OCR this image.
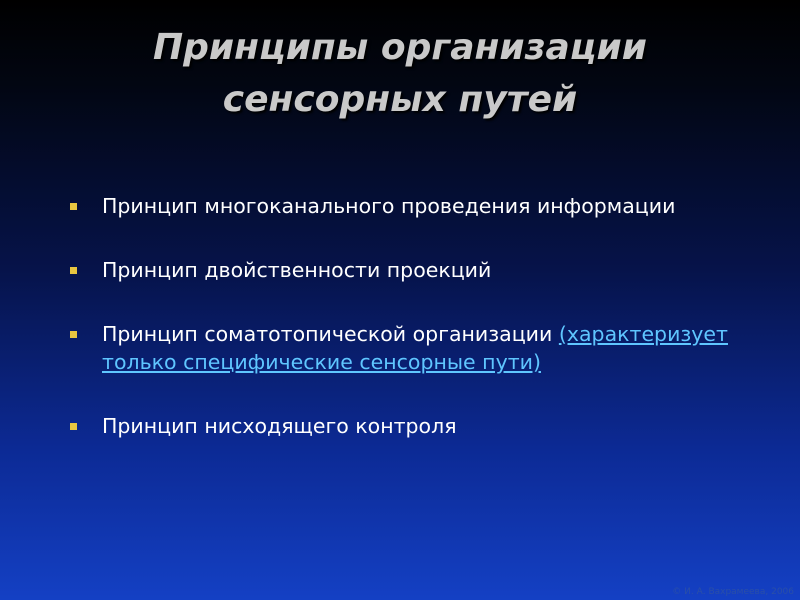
Принципы организации
сенсорных путей
Принцип многоканального проведения информации
Принцип двойственности проекций
Принцип соматотопической организации (характеризует только специфические сенсорные пути)
Принцип нисходящего контроля
© И. А. Вахрамеева, 2006
